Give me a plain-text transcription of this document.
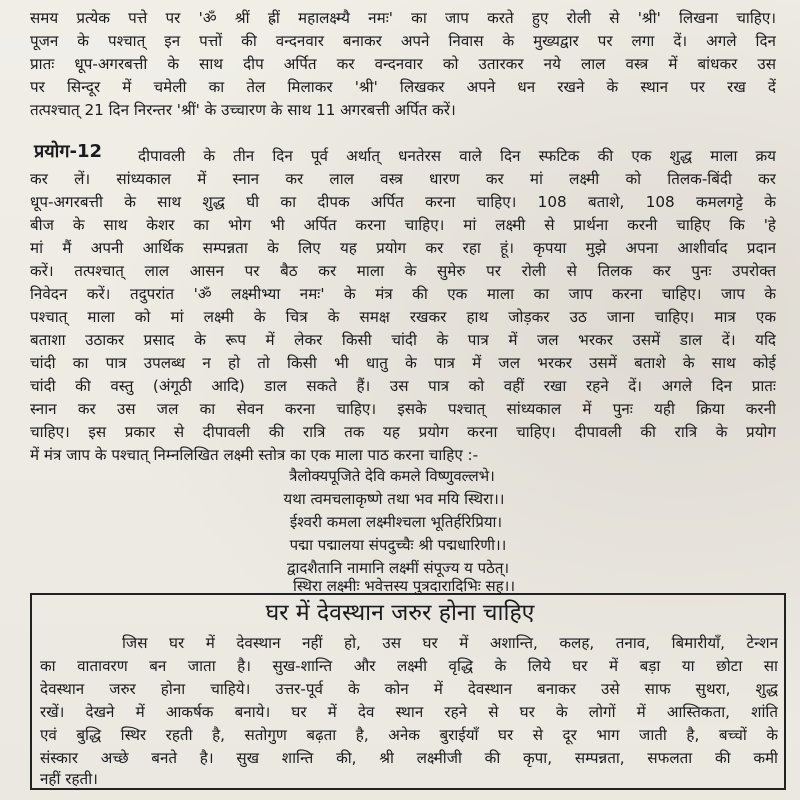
समय प्रत्येक पत्ते पर 'ॐ श्रीं ह्रीं महालक्ष्म्यै नमः' का जाप करते हुए रोली से 'श्री' लिखना चाहिए।
पूजन के पश्चात् इन पत्तों की वन्दनवार बनाकर अपने निवास के मुख्यद्वार पर लगा दें। अगले दिन
प्रातः धूप-अगरबत्ती के साथ दीप अर्पित कर वन्दनवार को उतारकर नये लाल वस्त्र में बांधकर उस
पर सिन्दूर में चमेली का तेल मिलाकर 'श्री' लिखकर अपने धन रखने के स्थान पर रख दें
तत्पश्चात् 21 दिन निरन्तर 'श्रीं' के उच्चारण के साथ 11 अगरबत्ती अर्पित करें।
प्रयोग-12 दीपावली के तीन दिन पूर्व अर्थात् धनतेरस वाले दिन स्फटिक की एक शुद्ध माला क्रय
कर लें। सांध्यकाल में स्नान कर लाल वस्त्र धारण कर मां लक्ष्मी को तिलक-बिंदी कर
धूप-अगरबत्ती के साथ शुद्ध घी का दीपक अर्पित करना चाहिए। 108 बताशे, 108 कमलगट्टे के
बीज के साथ केशर का भोग भी अर्पित करना चाहिए। मां लक्ष्मी से प्रार्थना करनी चाहिए कि 'हे
मां मैं अपनी आर्थिक सम्पन्नता के लिए यह प्रयोग कर रहा हूं। कृपया मुझे अपना आशीर्वाद प्रदान
करें। तत्पश्चात् लाल आसन पर बैठ कर माला के सुमेरु पर रोली से तिलक कर पुनः उपरोक्त
निवेदन करें। तदुपरांत 'ॐ लक्ष्मीभ्या नमः' के मंत्र की एक माला का जाप करना चाहिए। जाप के
पश्चात् माला को मां लक्ष्मी के चित्र के समक्ष रखकर हाथ जोड़कर उठ जाना चाहिए। मात्र एक
बताशा उठाकर प्रसाद के रूप में लेकर किसी चांदी के पात्र में जल भरकर उसमें डाल दें। यदि
चांदी का पात्र उपलब्ध न हो तो किसी भी धातु के पात्र में जल भरकर उसमें बताशे के साथ कोई
चांदी की वस्तु (अंगूठी आदि) डाल सकते हैं। उस पात्र को वहीं रखा रहने दें। अगले दिन प्रातः
स्नान कर उस जल का सेवन करना चाहिए। इसके पश्चात् सांध्यकाल में पुनः यही क्रिया करनी
चाहिए। इस प्रकार से दीपावली की रात्रि तक यह प्रयोग करना चाहिए। दीपावली की रात्रि के प्रयोग
में मंत्र जाप के पश्चात् निम्नलिखित लक्ष्मी स्तोत्र का एक माला पाठ करना चाहिए :-
त्रैलोक्यपूजिते देवि कमले विष्णुवल्लभे।
यथा त्वमचलाकृष्णे तथा भव मयि स्थिरा।।
ईश्वरी कमला लक्ष्मीश्चला भूतिर्हरिप्रिया।
पद्मा पद्मालया संपदुच्चैः श्री पद्मधारिणी।।
द्वादशैतानि नामानि लक्ष्मीं संपूज्य य पठेत्।
स्थिरा लक्ष्मीः भवेत्तस्य पुत्रदारादिभिः सह।।
जिस घर में देवस्थान नहीं हो, उस घर में अशान्ति, कलह, तनाव, बिमारीयाँ, टेन्शन
का वातावरण बन जाता है। सुख-शान्ति और लक्ष्मी वृद्धि के लिये घर में बड़ा या छोटा सा
देवस्थान जरुर होना चाहिये। उत्तर-पूर्व के कोन में देवस्थान बनाकर उसे साफ सुथरा, शुद्ध
रखें। देखने में आकर्षक बनाये। घर में देव स्थान रहने से घर के लोगों में आस्तिकता, शांति
एवं बुद्धि स्थिर रहती है, सतोगुण बढ़ता है, अनेक बुराईयाँ घर से दूर भाग जाती है, बच्चों के
संस्कार अच्छे बनते है। सुख शान्ति की, श्री लक्ष्मीजी की कृपा, सम्पन्नता, सफलता की कमी
नहीं रहती।
घर में देवस्थान जरुर होना चाहिए
